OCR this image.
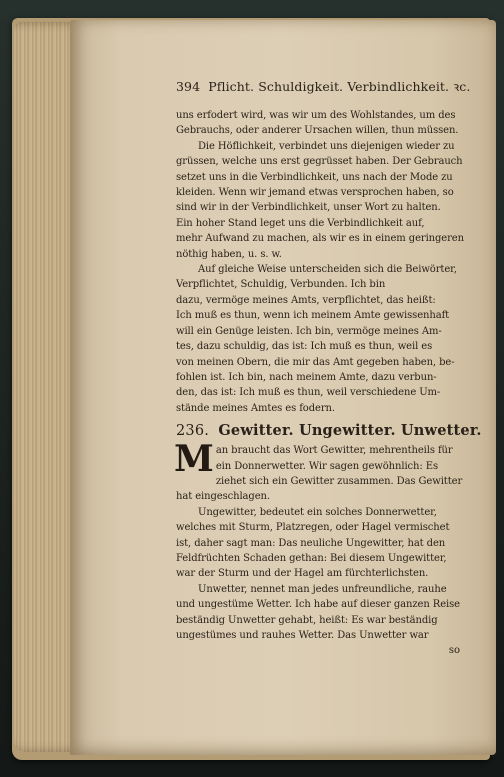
394 Pflicht. Schuldigkeit. Verbindlichkeit. ꝛc.
uns erfodert wird, was wir um des Wohlstandes, um des
Gebrauchs, oder anderer Ursachen willen, thun müssen.
Die Höflichkeit, verbindet uns diejenigen wieder zu
grüssen, welche uns erst gegrüsset haben. Der Gebrauch
setzet uns in die Verbindlichkeit, uns nach der Mode zu
kleiden. Wenn wir jemand etwas versprochen haben, so
sind wir in der Verbindlichkeit, unser Wort zu halten.
Ein hoher Stand leget uns die Verbindlichkeit auf,
mehr Aufwand zu machen, als wir es in einem geringeren
nöthig haben, u. s. w.
Auf gleiche Weise unterscheiden sich die Beiwörter,
Verpflichtet, Schuldig, Verbunden. Ich bin
dazu, vermöge meines Amts, verpflichtet, das heißt:
Ich muß es thun, wenn ich meinem Amte gewissenhaft
will ein Genüge leisten. Ich bin, vermöge meines Am-
tes, dazu schuldig, das ist: Ich muß es thun, weil es
von meinen Obern, die mir das Amt gegeben haben, be-
fohlen ist. Ich bin, nach meinem Amte, dazu verbun-
den, das ist: Ich muß es thun, weil verschiedene Um-
stände meines Amtes es fodern.
236. Gewitter. Ungewitter. Unwetter.
M an braucht das Wort Gewitter, mehrentheils für
ein Donnerwetter. Wir sagen gewöhnlich: Es
ziehet sich ein Gewitter zusammen. Das Gewitter
hat eingeschlagen.
Ungewitter, bedeutet ein solches Donnerwetter,
welches mit Sturm, Platzregen, oder Hagel vermischet
ist, daher sagt man: Das neuliche Ungewitter, hat den
Feldfrüchten Schaden gethan: Bei diesem Ungewitter,
war der Sturm und der Hagel am fürchterlichsten.
Unwetter, nennet man jedes unfreundliche, rauhe
und ungestüme Wetter. Ich habe auf dieser ganzen Reise
beständig Unwetter gehabt, heißt: Es war beständig
ungestümes und rauhes Wetter. Das Unwetter war
so
